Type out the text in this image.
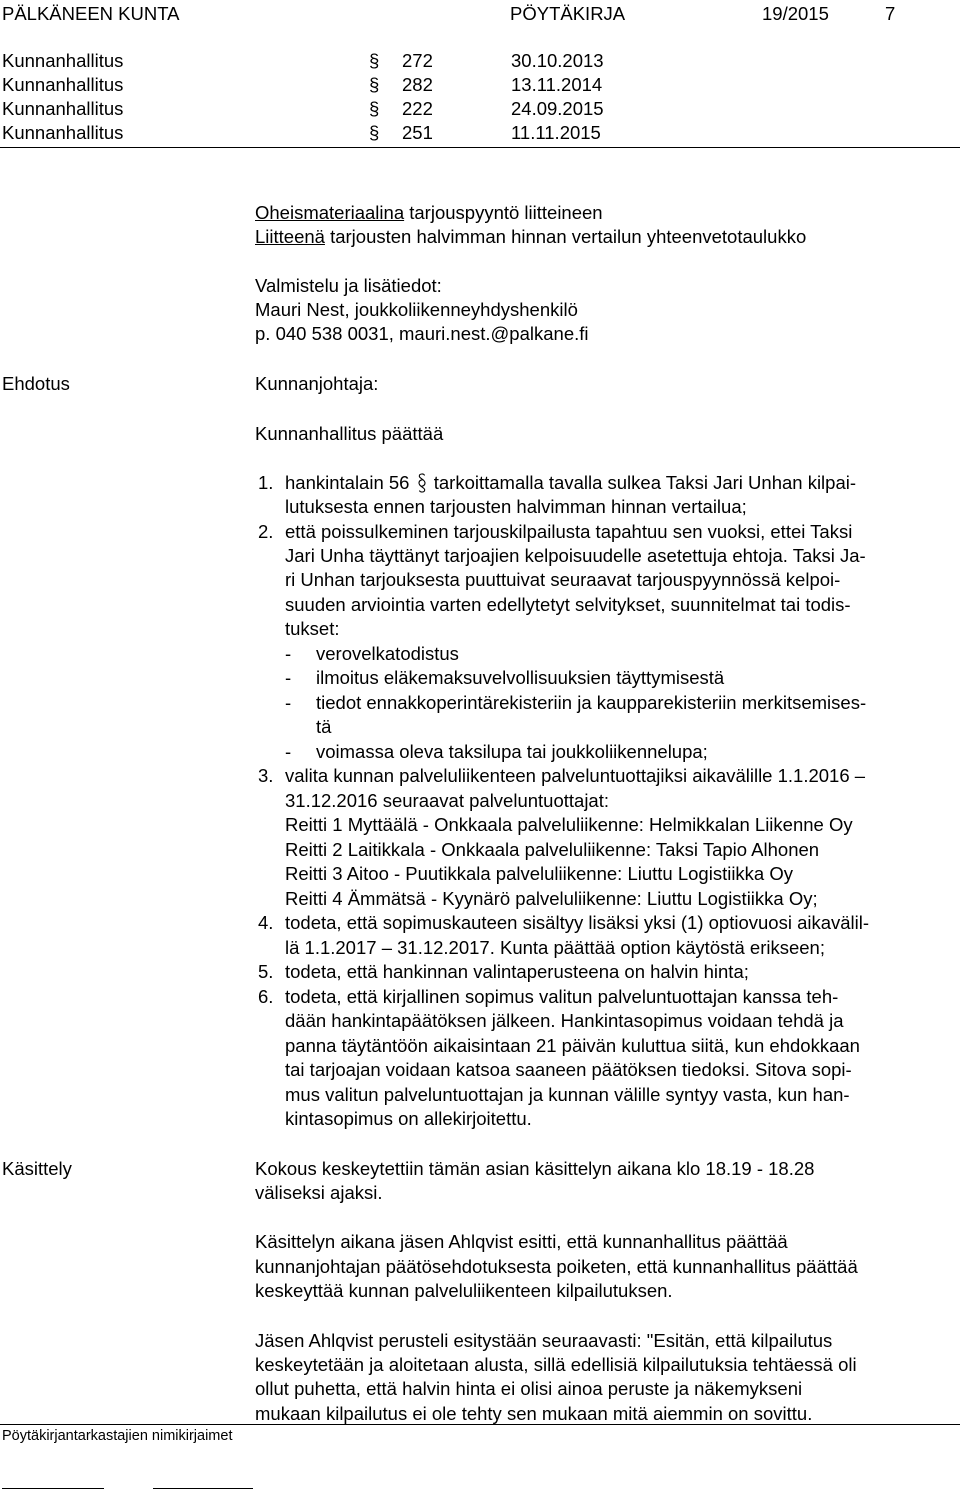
PÄLKÄNEEN KUNTA	PÖYTÄKIRJA	19/2015	7
Kunnanhallitus	§ 272	30.10.2013
Kunnanhallitus	§ 282	13.11.2014
Kunnanhallitus	§ 222	24.09.2015
Kunnanhallitus	§ 251	11.11.2015
Oheismateriaalina tarjouspyyntö liitteineen
Liitteenä tarjousten halvimman hinnan vertailun yhteenvetotaulukko
Valmistelu ja lisätiedot:
Mauri Nest, joukkoliikenneyhdyshenkilö
p. 040 538 0031, mauri.nest.@palkane.fi
Ehdotus	Kunnanjohtaja:
Kunnanhallitus päättää
1. hankintalain 56 tarkoittamalla tavalla sulkea Taksi Jari Unhan kilpai-
lutuksesta ennen tarjousten halvimman hinnan vertailua;
2. että poissulkeminen tarjouskilpailusta tapahtuu sen vuoksi, ettei Taksi
Jari Unha täyttänyt tarjoajien kelpoisuudelle asetettuja ehtoja. Taksi Ja-
ri Unhan tarjouksesta puuttuivat seuraavat tarjouspyynnössä kelpoi-
suuden arviointia varten edellytetyt selvitykset, suunnitelmat tai todis-
tukset:
- verovelkatodistus
- ilmoitus eläkemaksuvelvollisuuksien täyttymisestä
- tiedot ennakkoperintärekisteriin ja kaupparekisteriin merkitsemises-
tä
- voimassa oleva taksilupa tai joukkoliikennelupa;
3. valita kunnan palveluliikenteen palveluntuottajiksi aikavälille 1.1.2016 –
31.12.2016 seuraavat palveluntuottajat:
Reitti 1 Myttäälä - Onkkaala palveluliikenne: Helmikkalan Liikenne Oy
Reitti 2 Laitikkala - Onkkaala palveluliikenne: Taksi Tapio Alhonen
Reitti 3 Aitoo - Puutikkala palveluliikenne: Liuttu Logistiikka Oy
Reitti 4 Ämmätsä - Kyynärö palveluliikenne: Liuttu Logistiikka Oy;
4. todeta, että sopimuskauteen sisältyy lisäksi yksi (1) optiovuosi aikavälil-
lä 1.1.2017 – 31.12.2017. Kunta päättää option käytöstä erikseen;
5. todeta, että hankinnan valintaperusteena on halvin hinta;
6. todeta, että kirjallinen sopimus valitun palveluntuottajan kanssa teh-
dään hankintapäätöksen jälkeen. Hankintasopimus voidaan tehdä ja
panna täytäntöön aikaisintaan 21 päivän kuluttua siitä, kun ehdokkaan
tai tarjoajan voidaan katsoa saaneen päätöksen tiedoksi. Sitova sopi-
mus valitun palveluntuottajan ja kunnan välille syntyy vasta, kun han-
kintasopimus on allekirjoitettu.
Käsittely	Kokous keskeytettiin tämän asian käsittelyn aikana klo 18.19 - 18.28
väliseksi ajaksi.
Käsittelyn aikana jäsen Ahlqvist esitti, että kunnanhallitus päättää
kunnanjohtajan päätösehdotuksesta poiketen, että kunnanhallitus päättää
keskeyttää kunnan palveluliikenteen kilpailutuksen.
Jäsen Ahlqvist perusteli esitystään seuraavasti: "Esitän, että kilpailutus
keskeytetään ja aloitetaan alusta, sillä edellisiä kilpailutuksia tehtäessä oli
ollut puhetta, että halvin hinta ei olisi ainoa peruste ja näkemykseni
mukaan kilpailutus ei ole tehty sen mukaan mitä aiemmin on sovittu.
Pöytäkirjantarkastajien nimikirjaimet
